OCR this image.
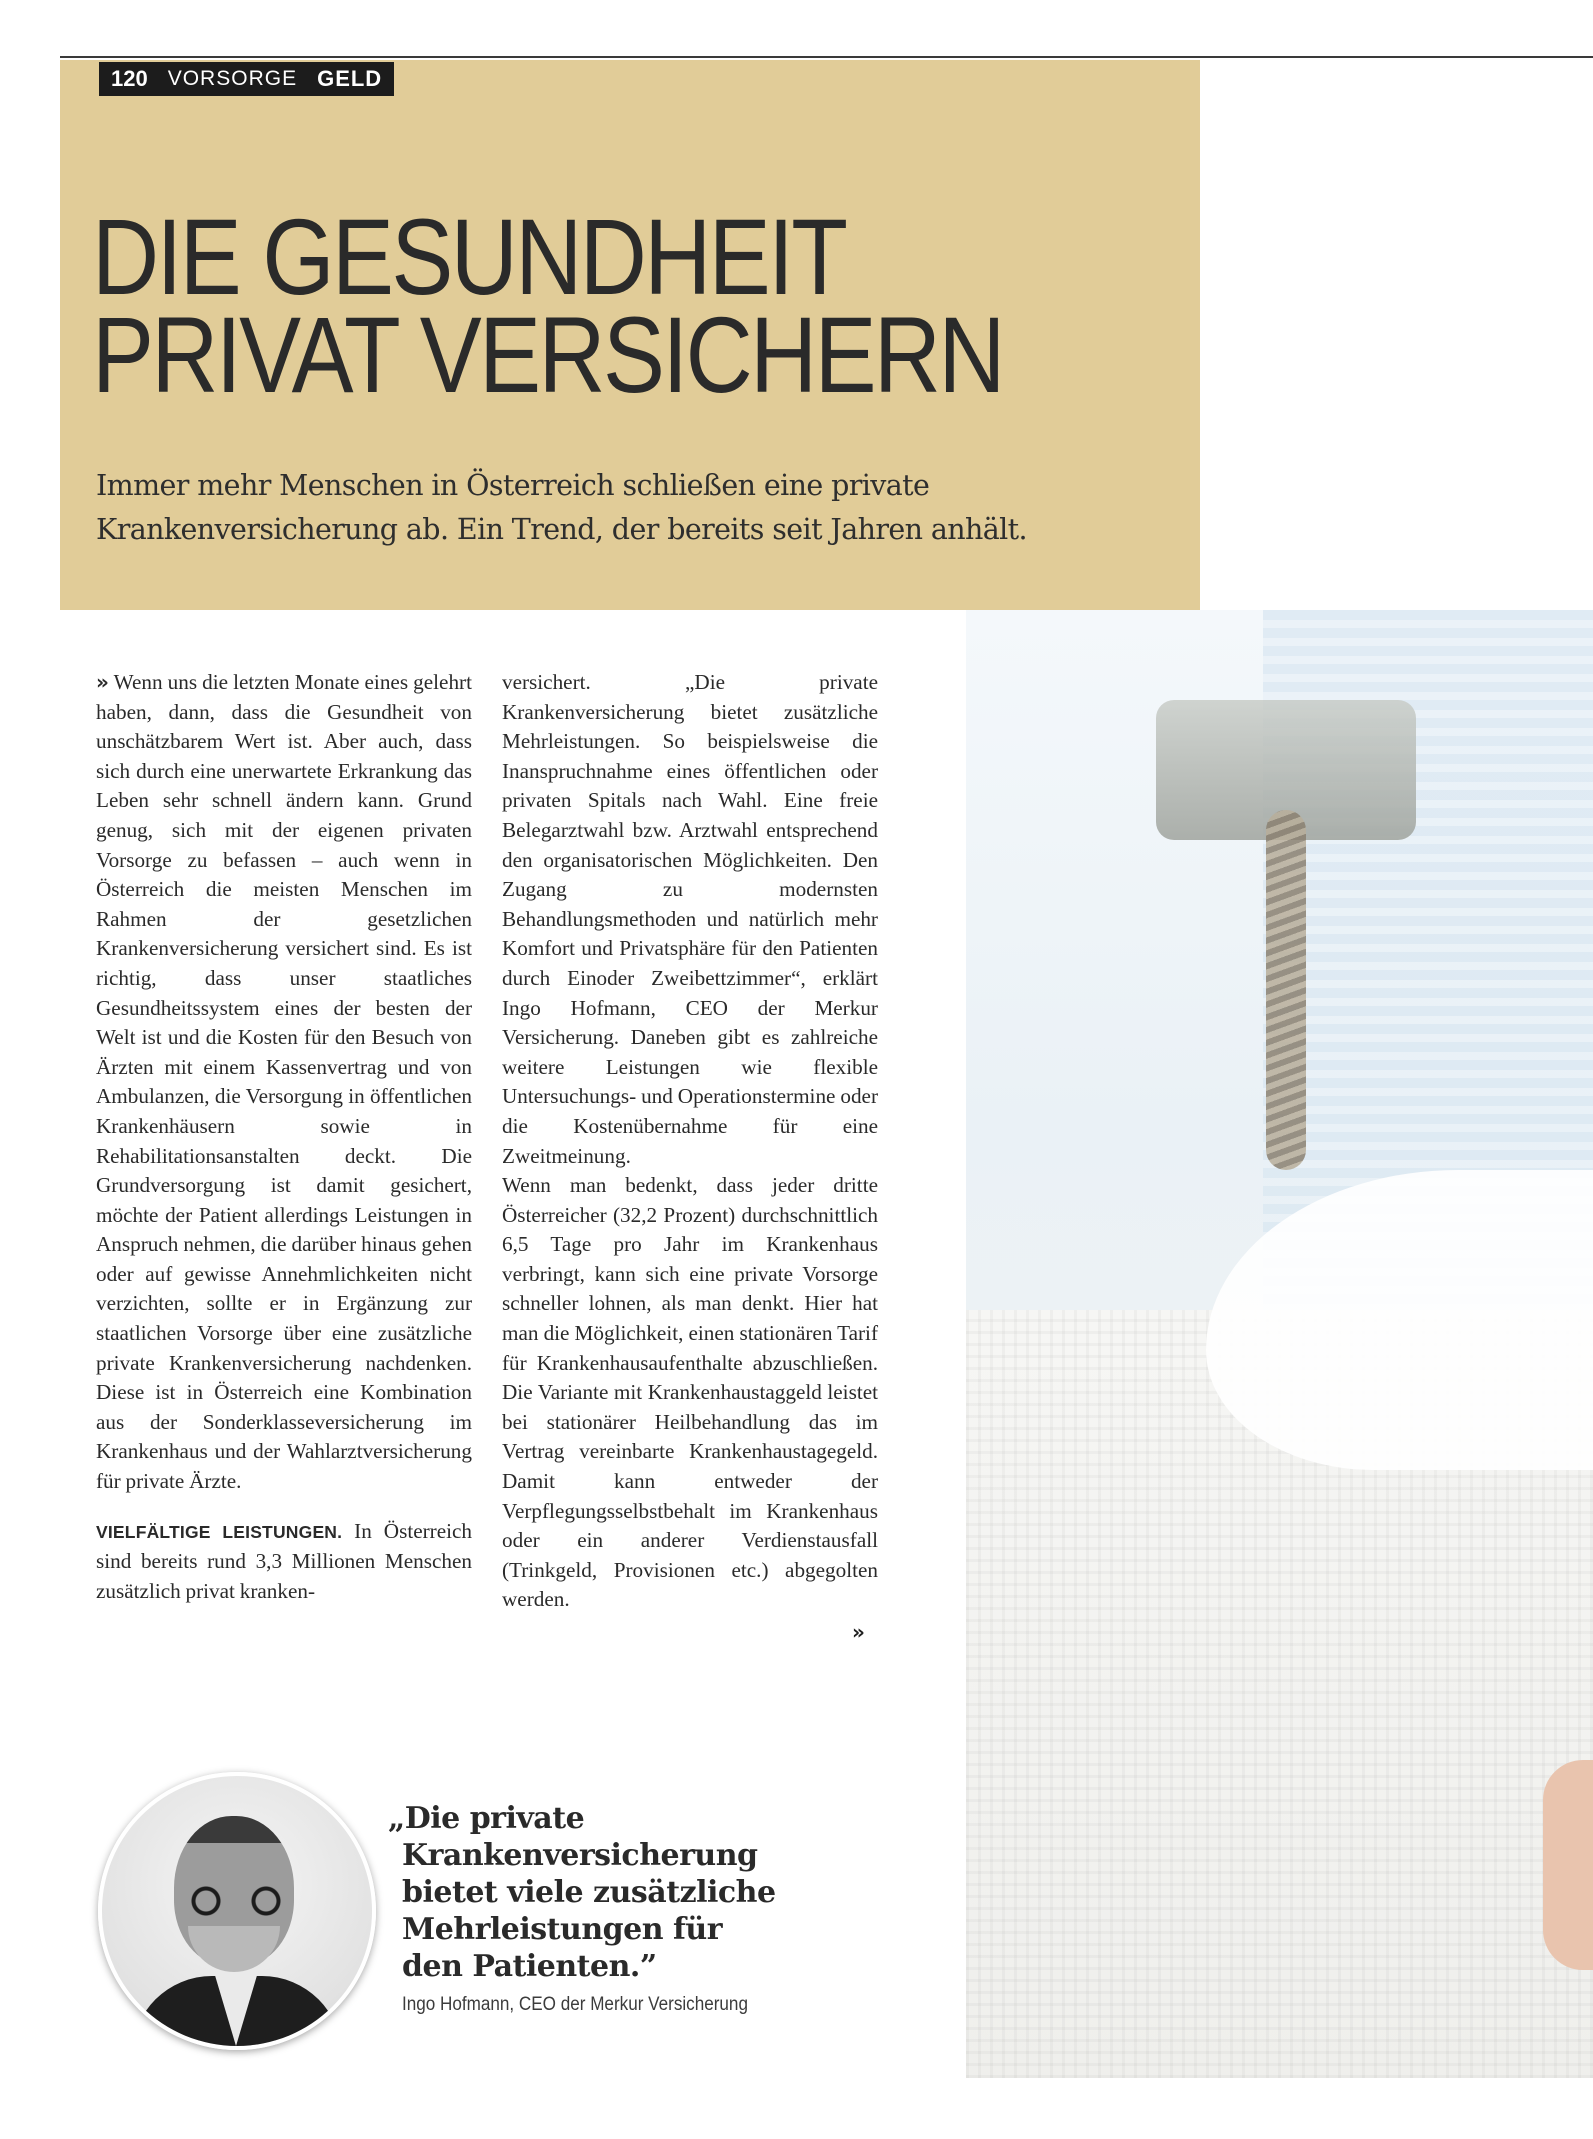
120 VORSORGE GELD
DIE GESUNDHEIT
PRIVAT VERSICHERN

Immer mehr Menschen in Österreich schließen eine private
Krankenversicherung ab. Ein Trend, der bereits seit Jahren anhält.

» Wenn uns die letzten Monate eines gelehrt haben, dann, dass die Gesundheit von unschätzbarem Wert ist. Aber auch, dass sich durch eine unerwartete Erkrankung das Leben sehr schnell ändern kann. Grund genug, sich mit der eigenen privaten Vorsorge zu befassen – auch wenn in Österreich die meisten Menschen im Rahmen der gesetzlichen Krankenversicherung versichert sind. Es ist richtig, dass unser staatliches Gesundheitssystem eines der besten der Welt ist und die Kosten für den Besuch von Ärzten mit einem Kassenvertrag und von Ambulanzen, die Versorgung in öffentlichen Krankenhäusern sowie in Rehabilitationsanstalten deckt. Die Grundversorgung ist damit gesichert, möchte der Patient allerdings Leistungen in Anspruch nehmen, die darüber hinaus gehen oder auf gewisse Annehmlichkeiten nicht verzichten, sollte er in Ergänzung zur staatlichen Vorsorge über eine zusätzliche private Krankenversicherung nachdenken. Diese ist in Österreich eine Kombination aus der Sonderklasseversicherung im Krankenhaus und der Wahlarztversicherung für private Ärzte.

VIELFÄLTIGE LEISTUNGEN. In Österreich sind bereits rund 3,3 Millionen Menschen zusätzlich privat kranken-

versichert. „Die private Krankenversicherung bietet zusätzliche Mehrleistungen. So beispielsweise die Inanspruchnahme eines öffentlichen oder privaten Spitals nach Wahl. Eine freie Belegarztwahl bzw. Arztwahl entsprechend den organisatorischen Möglichkeiten. Den Zugang zu modernsten Behandlungsmethoden und natürlich mehr Komfort und Privatsphäre für den Patienten durch Einoder Zweibettzimmer“, erklärt Ingo Hofmann, CEO der Merkur Versicherung. Daneben gibt es zahlreiche weitere Leistungen wie flexible Untersuchungs- und Operationstermine oder die Kostenübernahme für eine Zweitmeinung.

Wenn man bedenkt, dass jeder dritte Österreicher (32,2 Prozent) durchschnittlich 6,5 Tage pro Jahr im Krankenhaus verbringt, kann sich eine private Vorsorge schneller lohnen, als man denkt. Hier hat man die Möglichkeit, einen stationären Tarif für Krankenhausaufenthalte abzuschließen. Die Variante mit Krankenhaustaggeld leistet bei stationärer Heilbehandlung das im Vertrag vereinbarte Krankenhaustagegeld. Damit kann entweder der Verpflegungsselbstbehalt im Krankenhaus oder ein anderer Verdienstausfall (Trinkgeld, Provisionen etc.) abgegolten werden.

»

„Die private
Krankenversicherung
bietet viele zusätzliche
Mehrleistungen für
den Patienten.”

Ingo Hofmann, CEO der Merkur Versicherung
